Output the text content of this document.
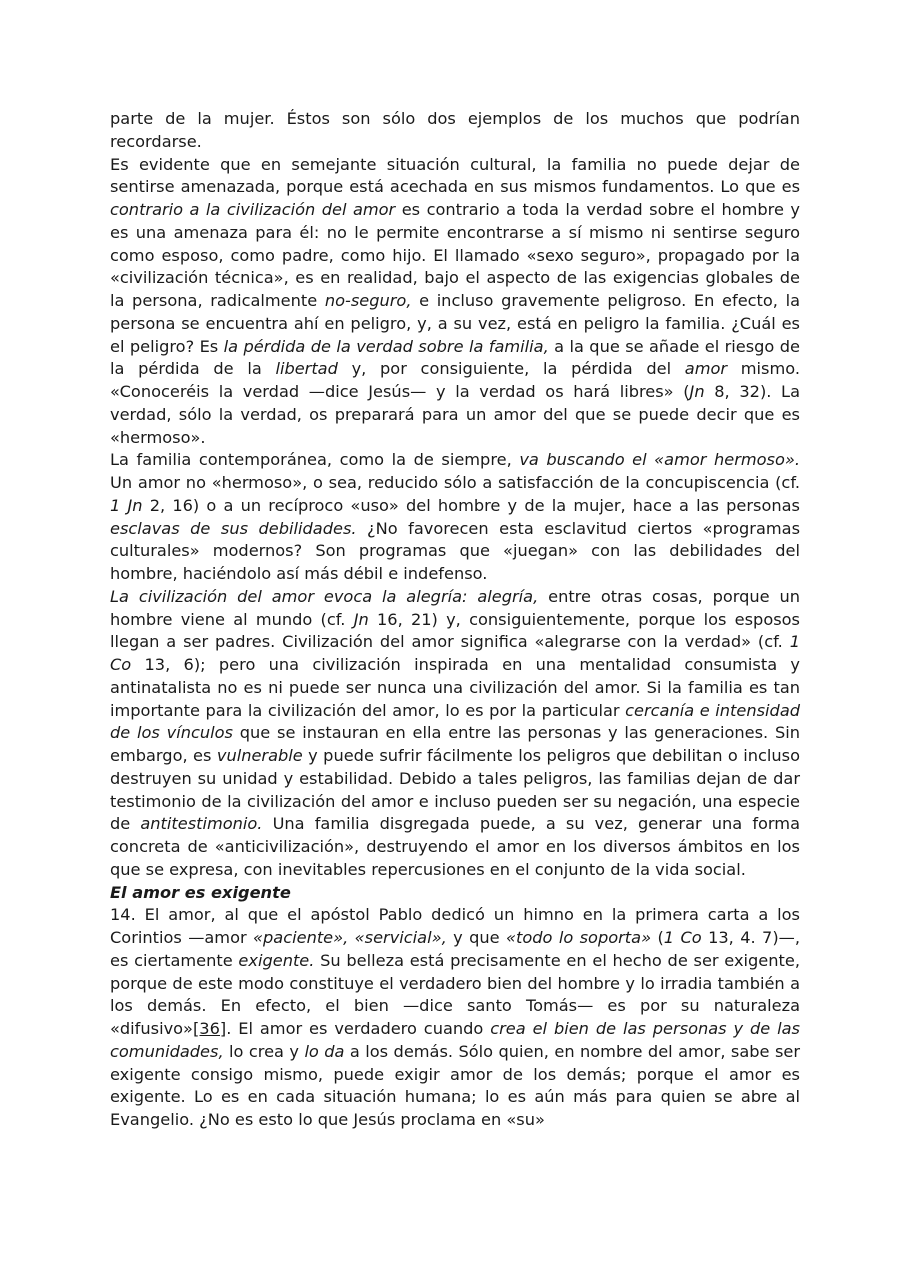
parte de la mujer. Éstos son sólo dos ejemplos de los muchos que podrían recordarse.

Es evidente que en semejante situación cultural, la familia no puede dejar de sentirse amenazada, porque está acechada en sus mismos fundamentos. Lo que es contrario a la civilización del amor es contrario a toda la verdad sobre el hombre y es una amenaza para él: no le permite encontrarse a sí mismo ni sentirse seguro como esposo, como padre, como hijo. El llamado «sexo seguro», propagado por la «civilización técnica», es en realidad, bajo el aspecto de las exigencias globales de la persona, radicalmente no-seguro, e incluso gravemente peligroso. En efecto, la persona se encuentra ahí en peligro, y, a su vez, está en peligro la familia. ¿Cuál es el peligro? Es la pérdida de la verdad sobre la familia, a la que se añade el riesgo de la pérdida de la libertad y, por consiguiente, la pérdida del amor mismo. «Conoceréis la verdad —dice Jesús— y la verdad os hará libres» (Jn 8, 32). La verdad, sólo la verdad, os preparará para un amor del que se puede decir que es «hermoso».

La familia contemporánea, como la de siempre, va buscando el «amor hermoso». Un amor no «hermoso», o sea, reducido sólo a satisfacción de la concupiscencia (cf. 1 Jn 2, 16) o a un recíproco «uso» del hombre y de la mujer, hace a las personas esclavas de sus debilidades. ¿No favorecen esta esclavitud ciertos «programas culturales» modernos? Son programas que «juegan» con las debilidades del hombre, haciéndolo así más débil e indefenso.

La civilización del amor evoca la alegría: alegría, entre otras cosas, porque un hombre viene al mundo (cf. Jn 16, 21) y, consiguientemente, porque los esposos llegan a ser padres. Civilización del amor significa «alegrarse con la verdad» (cf. 1 Co 13, 6); pero una civilización inspirada en una mentalidad consumista y antinatalista no es ni puede ser nunca una civilización del amor. Si la familia es tan importante para la civilización del amor, lo es por la particular cercanía e intensidad de los vínculos que se instauran en ella entre las personas y las generaciones. Sin embargo, es vulnerable y puede sufrir fácilmente los peligros que debilitan o incluso destruyen su unidad y estabilidad. Debido a tales peligros, las familias dejan de dar testimonio de la civilización del amor e incluso pueden ser su negación, una especie de antitestimonio. Una familia disgregada puede, a su vez, generar una forma concreta de «anticivilización», destruyendo el amor en los diversos ámbitos en los que se expresa, con inevitables repercusiones en el conjunto de la vida social.

El amor es exigente

14. El amor, al que el apóstol Pablo dedicó un himno en la primera carta a los Corintios —amor «paciente», «servicial», y que «todo lo soporta» (1 Co 13, 4. 7)—, es ciertamente exigente. Su belleza está precisamente en el hecho de ser exigente, porque de este modo constituye el verdadero bien del hombre y lo irradia también a los demás. En efecto, el bien —dice santo Tomás— es por su naturaleza «difusivo»[36]. El amor es verdadero cuando crea el bien de las personas y de las comunidades, lo crea y lo da a los demás. Sólo quien, en nombre del amor, sabe ser exigente consigo mismo, puede exigir amor de los demás; porque el amor es exigente. Lo es en cada situación humana; lo es aún más para quien se abre al Evangelio. ¿No es esto lo que Jesús proclama en «su»
